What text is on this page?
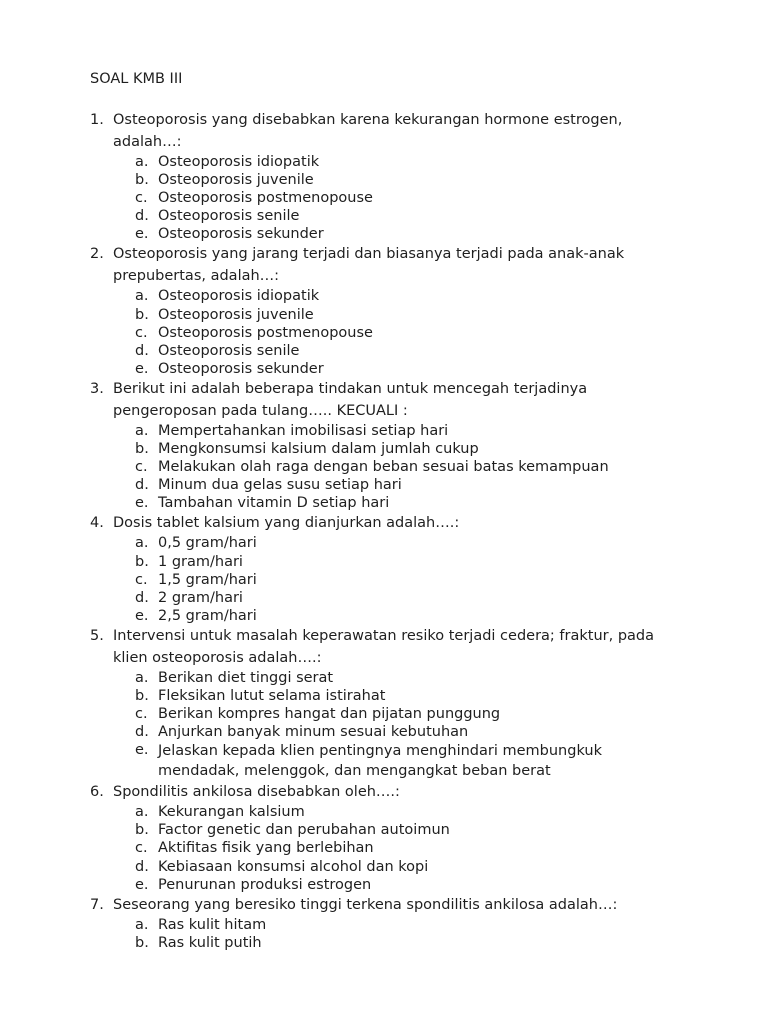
SOAL KMB III
1. Osteoporosis yang disebabkan karena kekurangan hormone estrogen, adalah…:
a. Osteoporosis idiopatik
b. Osteoporosis juvenile
c. Osteoporosis postmenopouse
d. Osteoporosis senile
e. Osteoporosis sekunder
2. Osteoporosis yang jarang terjadi dan biasanya terjadi pada anak-anak prepubertas, adalah…:
a. Osteoporosis idiopatik
b. Osteoporosis juvenile
c. Osteoporosis postmenopouse
d. Osteoporosis senile
e. Osteoporosis sekunder
3. Berikut ini adalah beberapa tindakan untuk mencegah terjadinya pengeroposan pada tulang….. KECUALI :
a. Mempertahankan imobilisasi setiap hari
b. Mengkonsumsi kalsium dalam jumlah cukup
c. Melakukan olah raga dengan beban sesuai batas kemampuan
d. Minum dua gelas susu setiap hari
e. Tambahan vitamin D setiap hari
4. Dosis tablet kalsium yang dianjurkan adalah….:
a. 0,5 gram/hari
b. 1 gram/hari
c. 1,5 gram/hari
d. 2 gram/hari
e. 2,5 gram/hari
5. Intervensi untuk masalah keperawatan resiko terjadi cedera; fraktur, pada klien osteoporosis adalah….:
a. Berikan diet tinggi serat
b. Fleksikan lutut selama istirahat
c. Berikan kompres hangat dan pijatan punggung
d. Anjurkan banyak minum sesuai kebutuhan
e. Jelaskan kepada klien pentingnya menghindari membungkuk mendadak, melenggok, dan mengangkat beban berat
6. Spondilitis ankilosa disebabkan oleh….:
a. Kekurangan kalsium
b. Factor genetic dan perubahan autoimun
c. Aktifitas fisik yang berlebihan
d. Kebiasaan konsumsi alcohol dan kopi
e. Penurunan produksi estrogen
7. Seseorang yang beresiko tinggi terkena spondilitis ankilosa adalah…:
a. Ras kulit hitam
b. Ras kulit putih
